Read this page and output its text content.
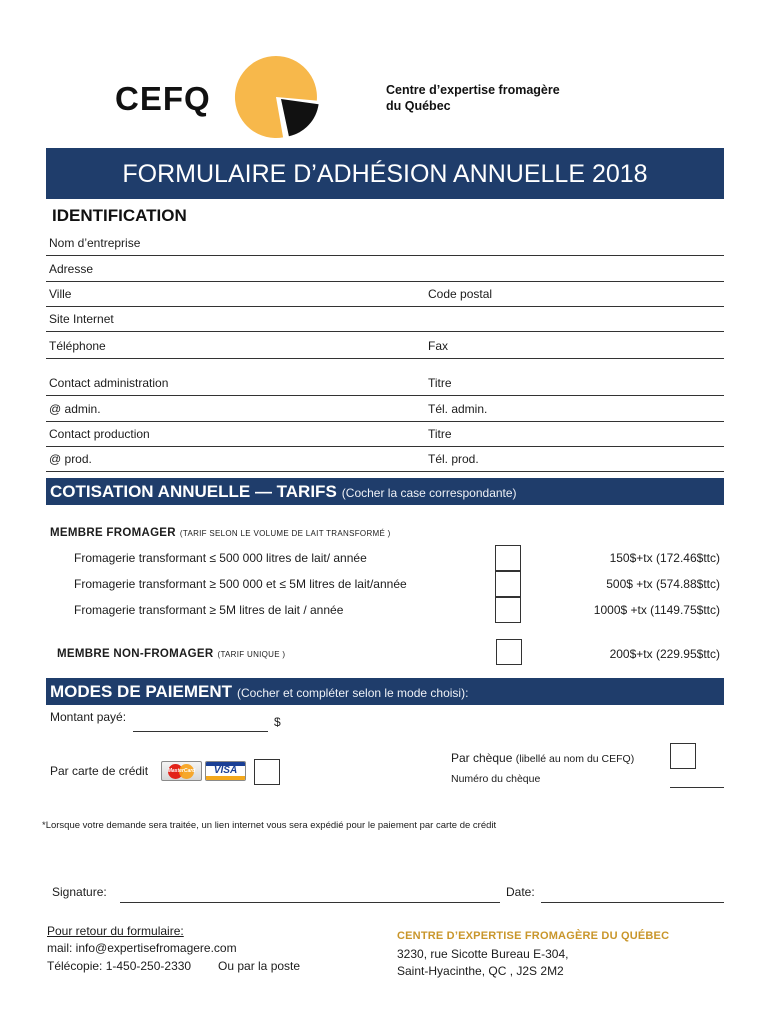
CEFQ	Centre d’expertise fromagère
du Québec
FORMULAIRE D’ADHÉSION ANNUELLE 2018
IDENTIFICATION
Nom d’entreprise
Adresse
Ville	Code postal
Site Internet
Téléphone	Fax
Contact administration	Titre
@ admin.	Tél. admin.
Contact production	Titre
@ prod.	Tél. prod.
COTISATION ANNUELLE — TARIFS (Cocher la case correspondante)
MEMBRE FROMAGER (TARIF SELON LE VOLUME DE LAIT TRANSFORMÉ )
Fromagerie transformant ≤ 500 000 litres de lait/ année	150$+tx (172.46$ttc)
Fromagerie transformant ≥ 500 000 et ≤ 5M litres de lait/année	500$ +tx (574.88$ttc)
Fromagerie transformant ≥ 5M litres de lait / année	1000$ +tx (1149.75$ttc)
MEMBRE NON-FROMAGER (TARIF UNIQUE )	200$+tx (229.95$ttc)
MODES DE PAIEMENT (Cocher et compléter selon le mode choisi):
Montant payé:	$
Par chèque (libellé au nom du CEFQ)
Numéro du chèque
Par carte de crédit	MasterCard	VISA
*Lorsque votre demande sera traitée, un lien internet vous sera expédié pour le paiement par carte de crédit
Signature:	Date:
Pour retour du formulaire:
mail: info@expertisefromagere.com
Télécopie: 1-450-250-2330 Ou par la poste
CENTRE D’EXPERTISE FROMAGÈRE DU QUÉBEC
3230, rue Sicotte Bureau E-304,
Saint-Hyacinthe, QC , J2S 2M2
